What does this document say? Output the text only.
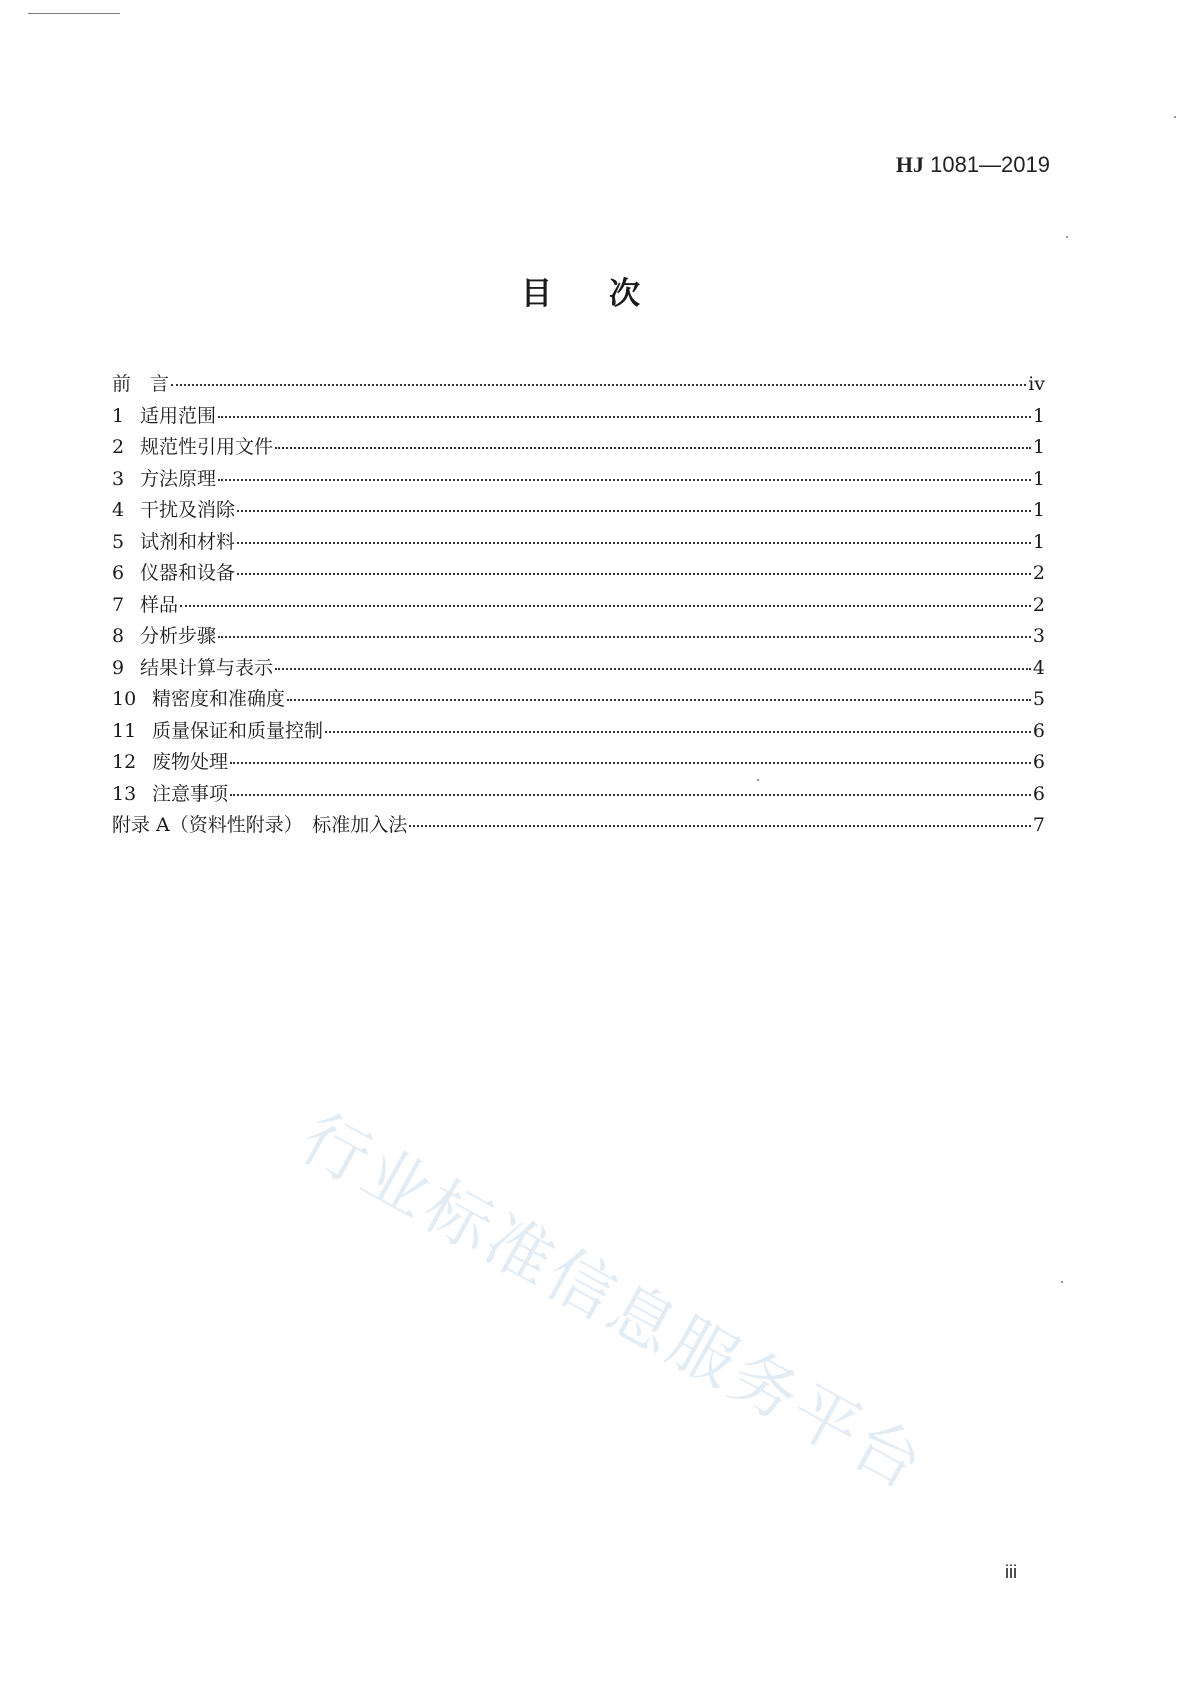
HJ 1081—2019
目 次
前　言	iv
1 适用范围	1
2 规范性引用文件	1
3 方法原理	1
4 干扰及消除	1
5 试剂和材料	1
6 仪器和设备	2
7 样品	2
8 分析步骤	3
9 结果计算与表示	4
10 精密度和准确度	5
11 质量保证和质量控制	6
12 废物处理	6
13 注意事项	6
附录 A（资料性附录）　标准加入法	7
行业标准信息服务平台
iii
